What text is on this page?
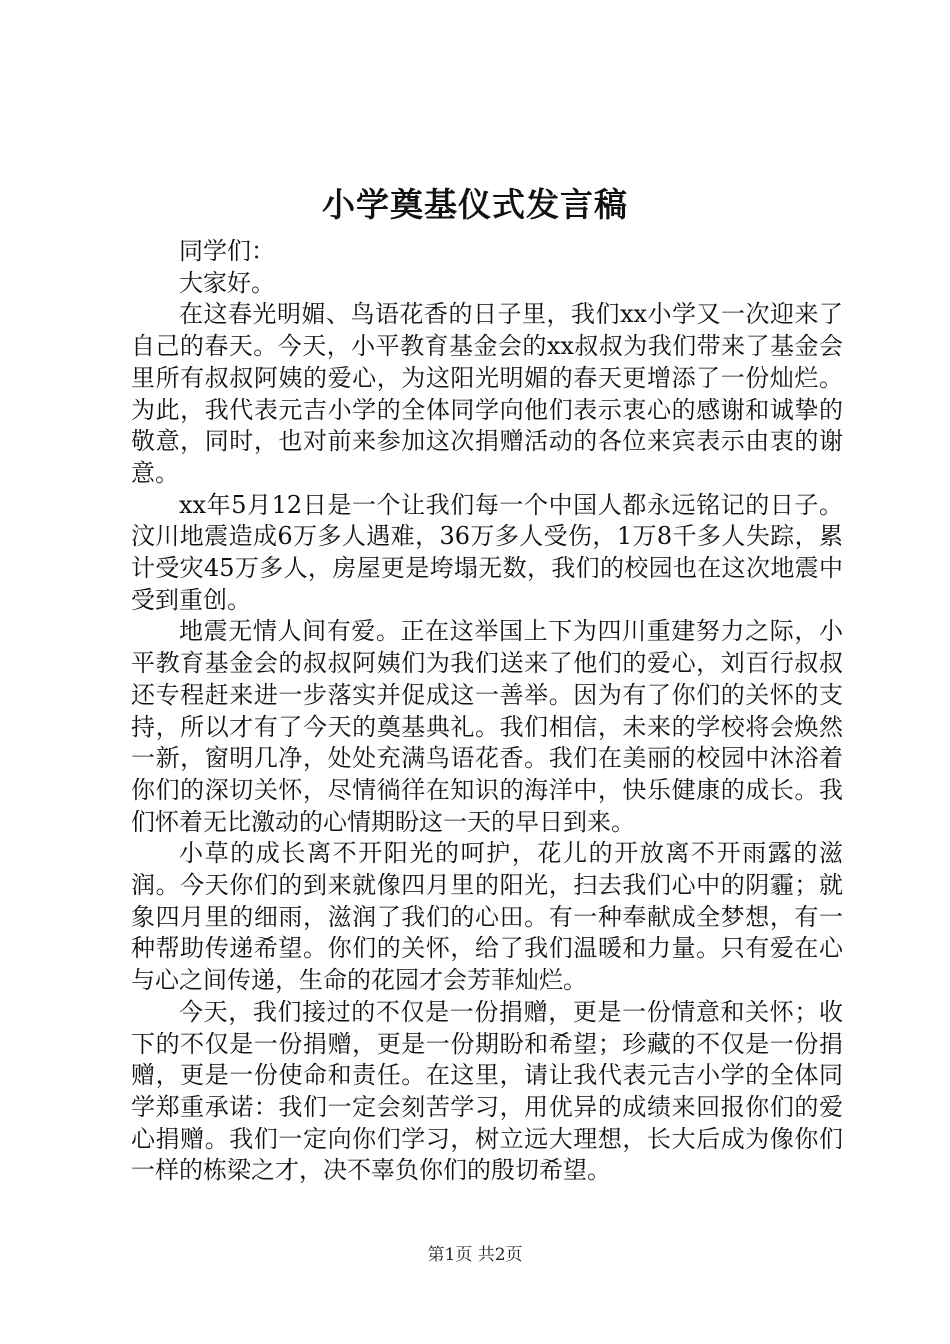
小学奠基仪式发言稿

同学们：

大家好。

在这春光明媚、鸟语花香的日子里，我们xx小学又一次迎来了自己的春天。今天，小平教育基金会的xx叔叔为我们带来了基金会里所有叔叔阿姨的爱心，为这阳光明媚的春天更增添了一份灿烂。为此，我代表元吉小学的全体同学向他们表示衷心的感谢和诚挚的敬意，同时，也对前来参加这次捐赠活动的各位来宾表示由衷的谢意。

xx年5月12日是一个让我们每一个中国人都永远铭记的日子。汶川地震造成6万多人遇难，36万多人受伤，1万8千多人失踪，累计受灾45万多人，房屋更是垮塌无数，我们的校园也在这次地震中受到重创。

地震无情人间有爱。正在这举国上下为四川重建努力之际，小平教育基金会的叔叔阿姨们为我们送来了他们的爱心，刘百行叔叔还专程赶来进一步落实并促成这一善举。因为有了你们的关怀的支持，所以才有了今天的奠基典礼。我们相信，未来的学校将会焕然一新，窗明几净，处处充满鸟语花香。我们在美丽的校园中沐浴着你们的深切关怀，尽情徜徉在知识的海洋中，快乐健康的成长。我们怀着无比激动的心情期盼这一天的早日到来。

小草的成长离不开阳光的呵护，花儿的开放离不开雨露的滋润。今天你们的到来就像四月里的阳光，扫去我们心中的阴霾；就象四月里的细雨，滋润了我们的心田。有一种奉献成全梦想，有一种帮助传递希望。你们的关怀，给了我们温暖和力量。只有爱在心与心之间传递，生命的花园才会芳菲灿烂。

今天，我们接过的不仅是一份捐赠，更是一份情意和关怀；收下的不仅是一份捐赠，更是一份期盼和希望；珍藏的不仅是一份捐赠，更是一份使命和责任。在这里，请让我代表元吉小学的全体同学郑重承诺：我们一定会刻苦学习，用优异的成绩来回报你们的爱心捐赠。我们一定向你们学习，树立远大理想，长大后成为像你们一样的栋梁之才，决不辜负你们的殷切希望。

第1页 共2页
